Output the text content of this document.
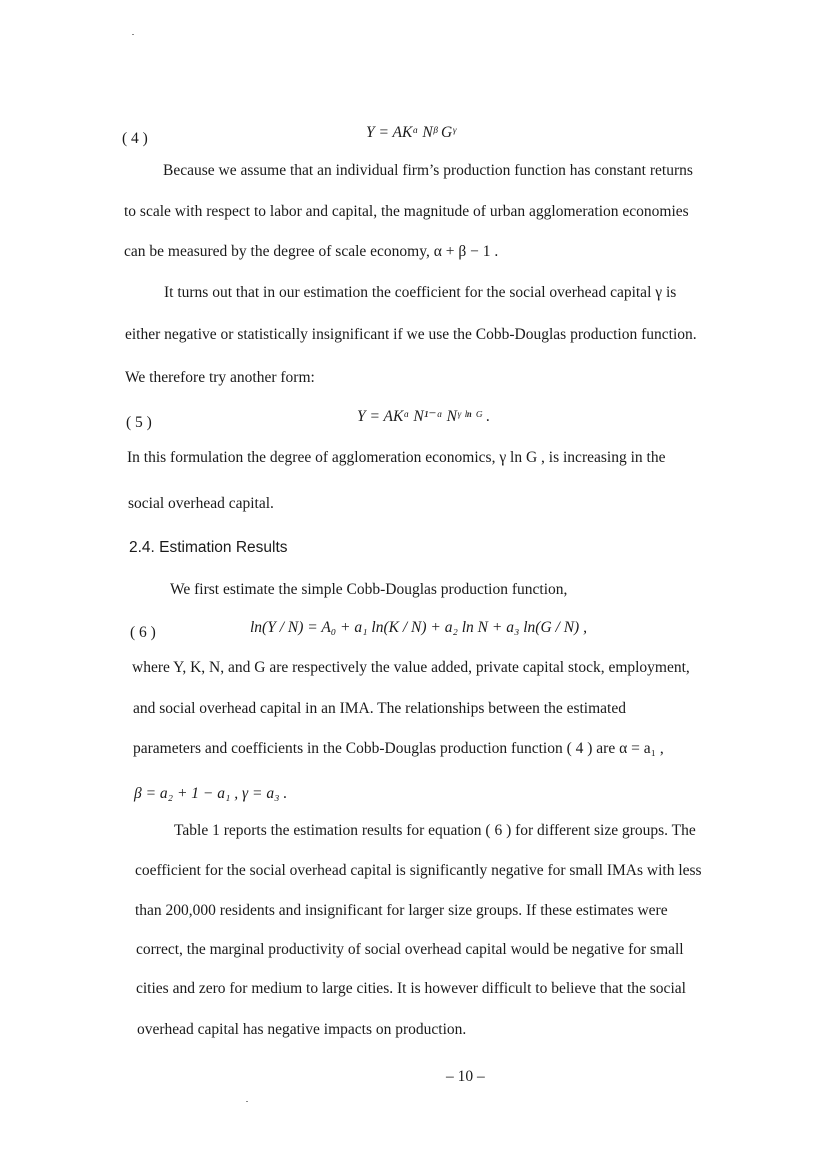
( 4 )	Y = AKᵅ Nᵝ Gᵞ
Because we assume that an individual firm’s production function has constant returns
to scale with respect to labor and capital, the magnitude of urban agglomeration economies
can be measured by the degree of scale economy, α + β − 1 .
It turns out that in our estimation the coefficient for the social overhead capital γ is
either negative or statistically insignificant if we use the Cobb-Douglas production function.
We therefore try another form:
( 5 )	Y = AKᵅ N¹⁻ᵅ Nᵞ ˡⁿ ᴳ .
In this formulation the degree of agglomeration economics, γ ln G , is increasing in the
social overhead capital.
2.4. Estimation Results
We first estimate the simple Cobb-Douglas production function,
( 6 )	ln(Y / N) = A₀ + a₁ ln(K / N) + a₂ ln N + a₃ ln(G / N) ,
where Y, K, N, and G are respectively the value added, private capital stock, employment,
and social overhead capital in an IMA. The relationships between the estimated
parameters and coefficients in the Cobb-Douglas production function ( 4 ) are α = a₁ ,
β = a₂ + 1 − a₁ , γ = a₃ .
Table 1 reports the estimation results for equation ( 6 ) for different size groups. The
coefficient for the social overhead capital is significantly negative for small IMAs with less
than 200,000 residents and insignificant for larger size groups. If these estimates were
correct, the marginal productivity of social overhead capital would be negative for small
cities and zero for medium to large cities. It is however difficult to believe that the social
overhead capital has negative impacts on production.
– 10 –
